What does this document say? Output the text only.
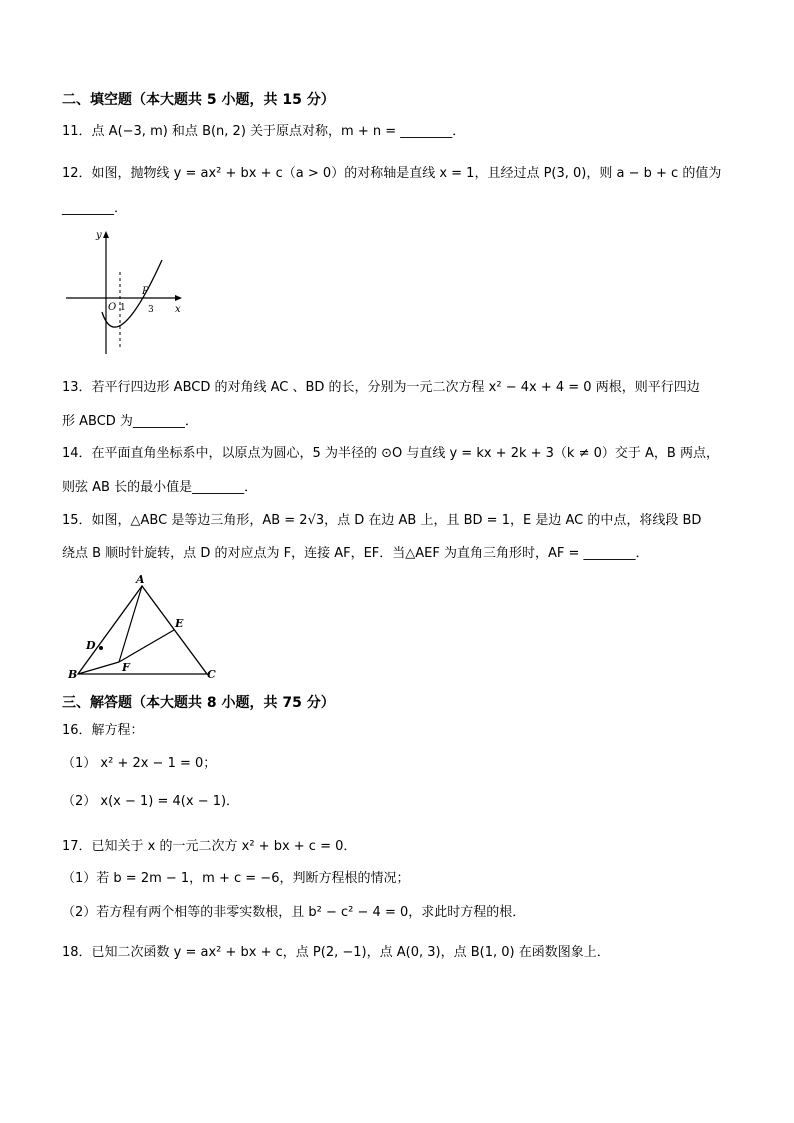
二、填空题（本大题共 5 小题，共 15 分）
11．点 A(−3, m) 和点 B(n, 2) 关于原点对称，m + n = ________．
12．如图，抛物线 y = ax² + bx + c（a > 0）的对称轴是直线 x = 1，且经过点 P(3, 0)，则 a − b + c 的值为
________．
y
x
O 1 3
P
13．若平行四边形 ABCD 的对角线 AC 、BD 的长，分别为一元二次方程 x² − 4x + 4 = 0 两根，则平行四边
形 ABCD 为________．
14．在平面直角坐标系中，以原点为圆心，5 为半径的 ⊙O 与直线 y = kx + 2k + 3（k ≠ 0）交于 A，B 两点，
则弦 AB 长的最小值是________．
15．如图，△ABC 是等边三角形，AB = 2√3，点 D 在边 AB 上，且 BD = 1，E 是边 AC 的中点，将线段 BD
绕点 B 顺时针旋转，点 D 的对应点为 F，连接 AF，EF．当△AEF 为直角三角形时，AF = ________．
A
B	C
D
E
F
三、解答题（本大题共 8 小题，共 75 分）
16．解方程：
（1） x² + 2x − 1 = 0；
（2） x(x − 1) = 4(x − 1)．
17．已知关于 x 的一元二次方 x² + bx + c = 0．
（1）若 b = 2m − 1，m + c = −6，判断方程根的情况；
（2）若方程有两个相等的非零实数根，且 b² − c² − 4 = 0，求此时方程的根．
18．已知二次函数 y = ax² + bx + c，点 P(2, −1)，点 A(0, 3)，点 B(1, 0) 在函数图象上．
